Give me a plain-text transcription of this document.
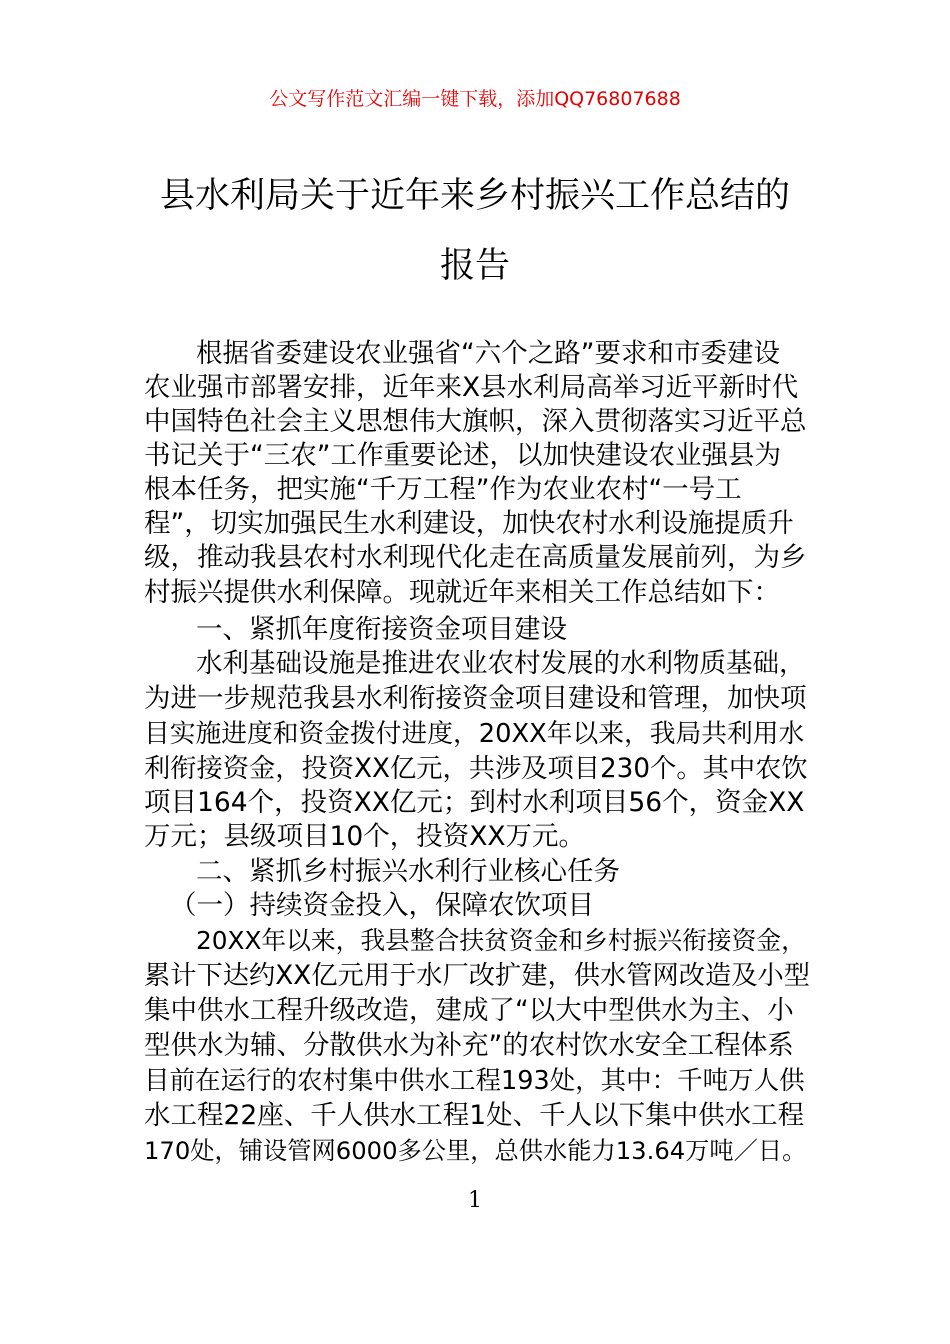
公文写作范文汇编一键下载，添加QQ76807688
县水利局关于近年来乡村振兴工作总结的
报告
根据省委建设农业强省“六个之路”要求和市委建设
农业强市部署安排，近年来X县水利局高举习近平新时代
中国特色社会主义思想伟大旗帜，深入贯彻落实习近平总
书记关于“三农”工作重要论述，以加快建设农业强县为
根本任务，把实施“千万工程”作为农业农村“一号工
程”，切实加强民生水利建设，加快农村水利设施提质升
级，推动我县农村水利现代化走在高质量发展前列，为乡
村振兴提供水利保障。现就近年来相关工作总结如下：
一、紧抓年度衔接资金项目建设
水利基础设施是推进农业农村发展的水利物质基础，
为进一步规范我县水利衔接资金项目建设和管理，加快项
目实施进度和资金拨付进度，20XX年以来，我局共利用水
利衔接资金，投资XX亿元，共涉及项目230个。其中农饮
项目164个，投资XX亿元；到村水利项目56个，资金XX
万元；县级项目10个，投资XX万元。
二、紧抓乡村振兴水利行业核心任务
（一）持续资金投入，保障农饮项目
20XX年以来，我县整合扶贫资金和乡村振兴衔接资金，
累计下达约XX亿元用于水厂改扩建，供水管网改造及小型
集中供水工程升级改造，建成了“以大中型供水为主、小
型供水为辅、分散供水为补充”的农村饮水安全工程体系
目前在运行的农村集中供水工程193处，其中：千吨万人供
水工程22座、千人供水工程1处、千人以下集中供水工程
170处，铺设管网6000多公里，总供水能力13.64万吨／日。
1
